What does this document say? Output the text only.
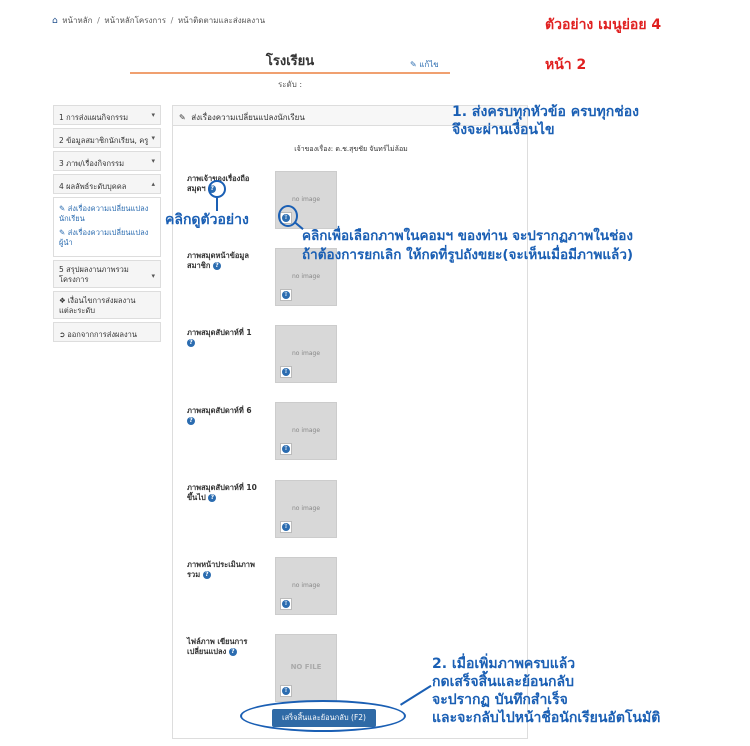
⌂ หน้าหลัก / หน้าหลักโครงการ / หน้าติดตามและส่งผลงาน	ตัวอย่าง เมนูย่อย 4
หน้า 2
โรงเรียน	✎ แก้ไข
ระดับ :
1 การส่งแผนกิจกรรม	▾
2 ข้อมูลสมาชิกนักเรียน, ครู ▾
3 ภาพ/เรื่องกิจกรรม	▾
4 ผลลัพธ์ระดับบุคคล	▴
✎ ส่งเรื่องความเปลี่ยนแปลงนักเรียน
✎ ส่งเรื่องความเปลี่ยนแปลงผู้นำ
5 สรุปผลงานภาพรวมโครงการ	▾
❖ เงื่อนไขการส่งผลงานแต่ละระดับ
➲ ออกจากการส่งผลงาน
✎ ส่งเรื่องความเปลี่ยนแปลงนักเรียน
เจ้าของเรื่อง: ด.ช.สุขชัย จันทร์ไม่ล้อม
ภาพเจ้าของเรื่องถือสมุดฯ ?
no image
⇧
ภาพสมุดหน้าข้อมูลสมาชิก ?
no image
⇧
ภาพสมุดสัปดาห์ที่ 1
?
no image
⇧
ภาพสมุดสัปดาห์ที่ 6
?
no image
⇧
ภาพสมุดสัปดาห์ที่ 10 ขึ้นไป ?
no image
⇧
ภาพหน้าประเมินภาพรวม ?
no image
⇧
ไฟล์ภาพ เขียนการเปลี่ยนแปลง ?
NO FILE
⇧
เสร็จสิ้นและย้อนกลับ (F2)
1. ส่งครบทุกหัวข้อ ครบทุกช่อง
จึงจะผ่านเงื่อนไข
คลิกดูตัวอย่าง
คลิกเพื่อเลือกภาพในคอมฯ ของท่าน จะปรากฏภาพในช่อง
ถ้าต้องการยกเลิก ให้กดที่รูปถังขยะ(จะเห็นเมื่อมีภาพแล้ว)
2. เมื่อเพิ่มภาพครบแล้ว
กดเสร็จสิ้นและย้อนกลับ
จะปรากฏ บันทึกสำเร็จ
และจะกลับไปหน้าชื่อนักเรียนอัตโนมัติ
